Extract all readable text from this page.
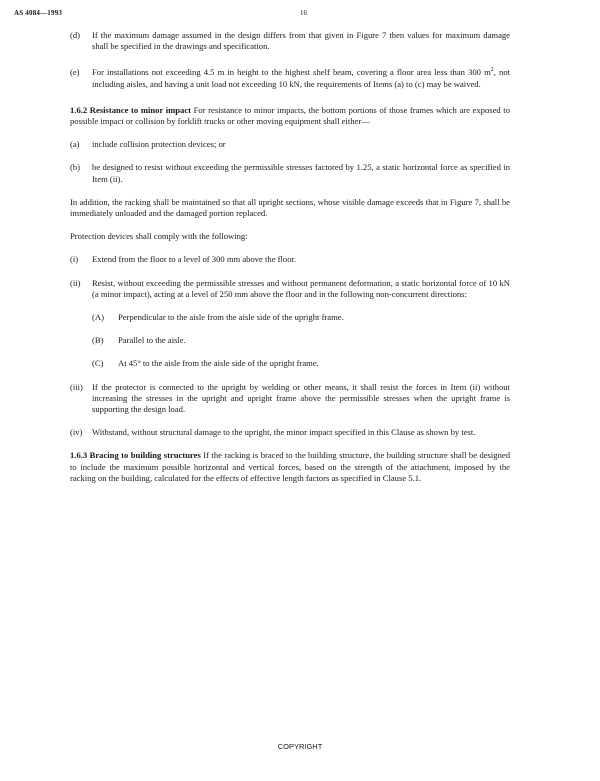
AS 4084—1993	16
(d) If the maximum damage assumed in the design differs from that given in Figure 7 then values for maximum damage shall be specified in the drawings and specification.
(e) For installations not exceeding 4.5 m in height to the highest shelf beam, covering a floor area less than 300 $m^2$, not including aisles, and having a unit load not exceeding 10 kN, the requirements of Items (a) to (c) may be waived.

1.6.2 Resistance to minor impact For resistance to minor impacts, the bottom portions of those frames which are exposed to possible impact or collision by forklift trucks or other moving equipment shall either—

(a) include collision protection devices; or
(b) be designed to resist without exceeding the permissible stresses factored by 1.25, a static horizontal force as specified in Item (ii).

In addition, the racking shall be maintained so that all upright sections, whose visible damage exceeds that in Figure 7, shall be immediately unloaded and the damaged portion replaced.

Protection devices shall comply with the following:

(i) Extend from the floor to a level of 300 mm above the floor.
(ii) Resist, without exceeding the permissible stresses and without permanent deformation, a static horizontal force of 10 kN (a minor impact), acting at a level of 250 mm above the floor and in the following non-concurrent directions:
(A) Perpendicular to the aisle from the aisle side of the upright frame.
(B) Parallel to the aisle.
(C) At 45° to the aisle from the aisle side of the upright frame.
(iii) If the protector is connected to the upright by welding or other means, it shall resist the forces in Item (ii) without increasing the stresses in the upright and upright frame above the permissible stresses when the upright frame is supporting the design load.
(iv) Withstand, without structural damage to the upright, the minor impact specified in this Clause as shown by test.

1.6.3 Bracing to building structures If the racking is braced to the building structure, the building structure shall be designed to include the maximum possible horizontal and vertical forces, based on the strength of the attachment, imposed by the racking on the building, calculated for the effects of effective length factors as specified in Clause 5.1.

COPYRIGHT
